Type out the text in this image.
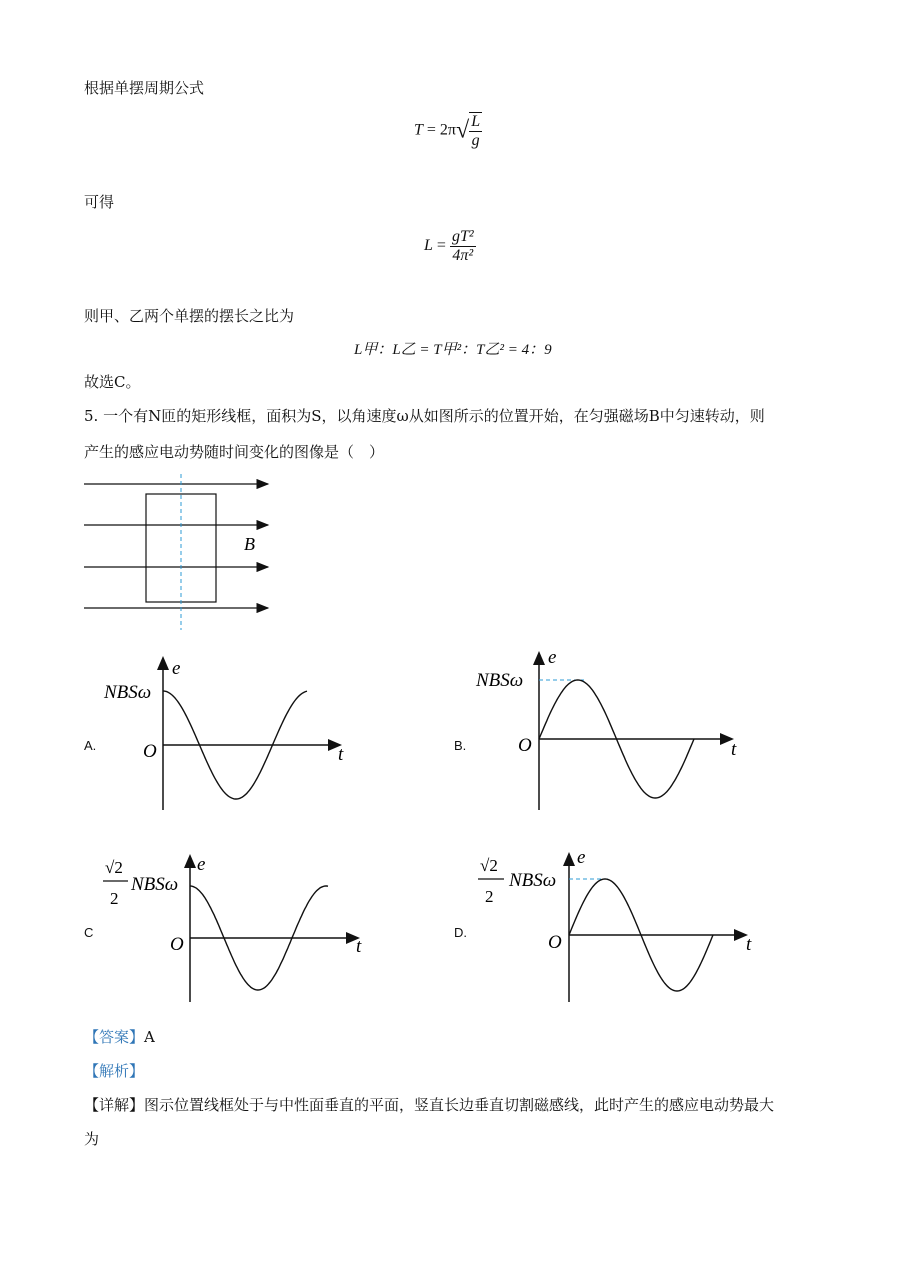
根据单摆周期公式
$T = 2\pi√ \frac{L}{g}$
可得
$L = \frac{\text{gT²}}{\text{4π²}}$
则甲、乙两个单摆的摆长之比为
L甲：L乙 = T甲²：T乙² = 4：9
故选C。
5. 一个有N匝的矩形线框，面积为S，以角速度ω从如图所示的位置开始，在匀强磁场B中匀速转动，则
产生的感应电动势随时间变化的图像是（　）
B
A.
e
t
O
NBSω
B.
e
t
O
NBSω
C
e
t
O
√2
2
NBSω
D.
e
t
O
√2
2
NBSω
【答案】A
【解析】
【详解】图示位置线框处于与中性面垂直的平面，竖直长边垂直切割磁感线，此时产生的感应电动势最大
为
